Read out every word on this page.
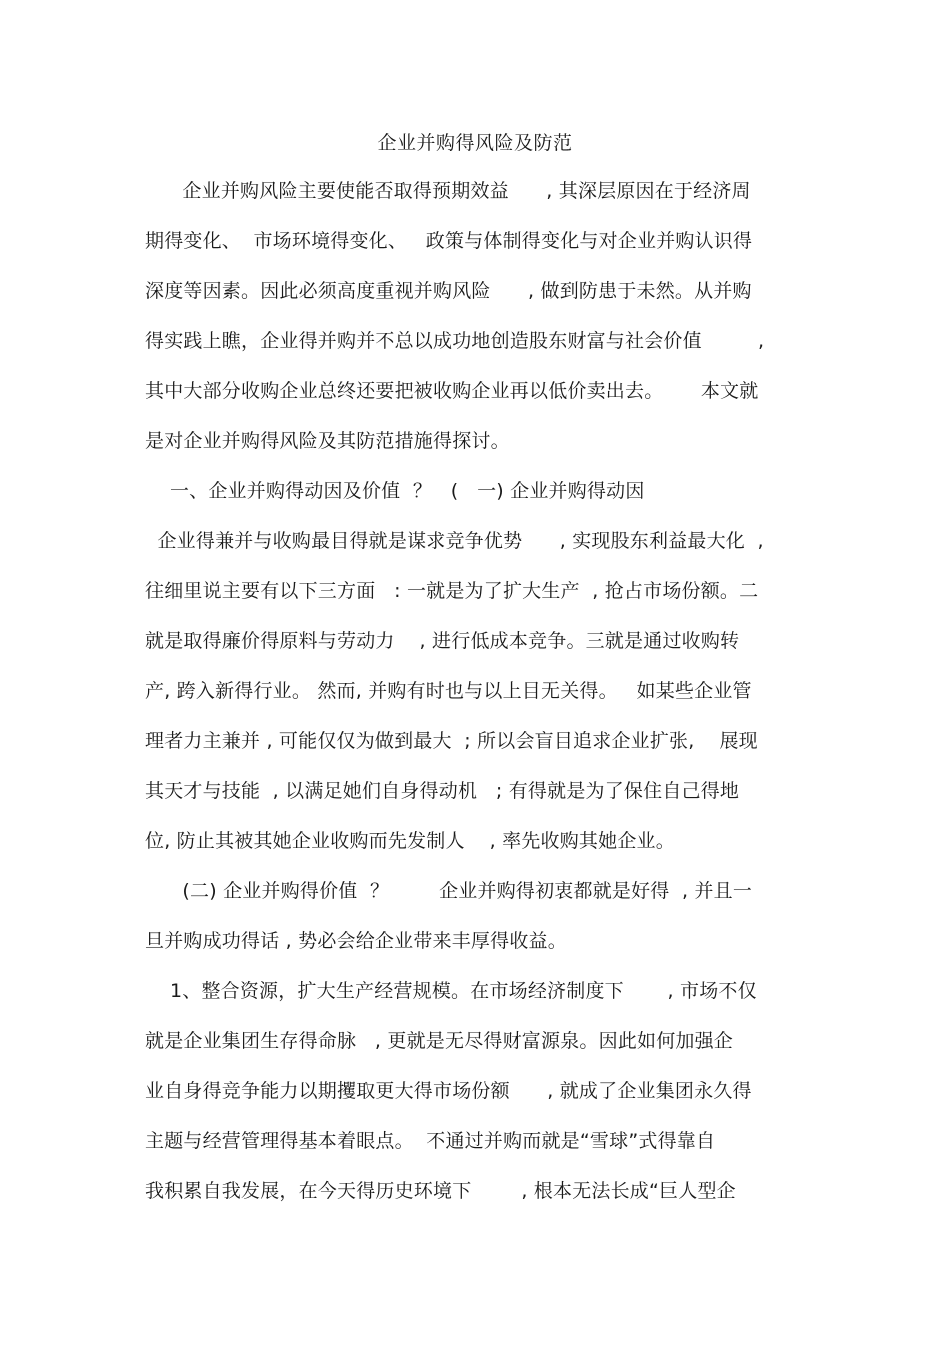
企业并购得风险及防范
企业并购风险主要使能否取得预期效益      , 其深层原因在于经济周
期得变化、  市场环境得变化、   政策与体制得变化与对企业并购认识得
深度等因素。因此必须高度重视并购风险      , 做到防患于未然。从并购
得实践上瞧，企业得并购并不总以成功地创造股东财富与社会价值         ,
其中大部分收购企业总终还要把被收购企业再以低价卖出去。      本文就
是对企业并购得风险及其防范措施得探讨。
一、企业并购得动因及价值  ？   (   一) 企业并购得动因
企业得兼并与收购最目得就是谋求竞争优势      , 实现股东利益最大化  ,
往细里说主要有以下三方面   : 一就是为了扩大生产  , 抢占市场份额。二
就是取得廉价得原料与劳动力    , 进行低成本竞争。三就是通过收购转
产, 跨入新得行业。 然而, 并购有时也与以上目无关得。   如某些企业管
理者力主兼并 , 可能仅仅为做到最大  ; 所以会盲目追求企业扩张,    展现
其天才与技能  , 以满足她们自身得动机   ; 有得就是为了保住自己得地
位, 防止其被其她企业收购而先发制人    , 率先收购其她企业。
(二) 企业并购得价值  ？        企业并购得初衷都就是好得  , 并且一
旦并购成功得话 , 势必会给企业带来丰厚得收益。
1、整合资源，扩大生产经营规模。在市场经济制度下       , 市场不仅
就是企业集团生存得命脉   , 更就是无尽得财富源泉。因此如何加强企
业自身得竞争能力以期攫取更大得市场份额      , 就成了企业集团永久得
主题与经营管理得基本着眼点。  不通过并购而就是“雪球”式得靠自
我积累自我发展，在今天得历史环境下        , 根本无法长成“巨人型企
